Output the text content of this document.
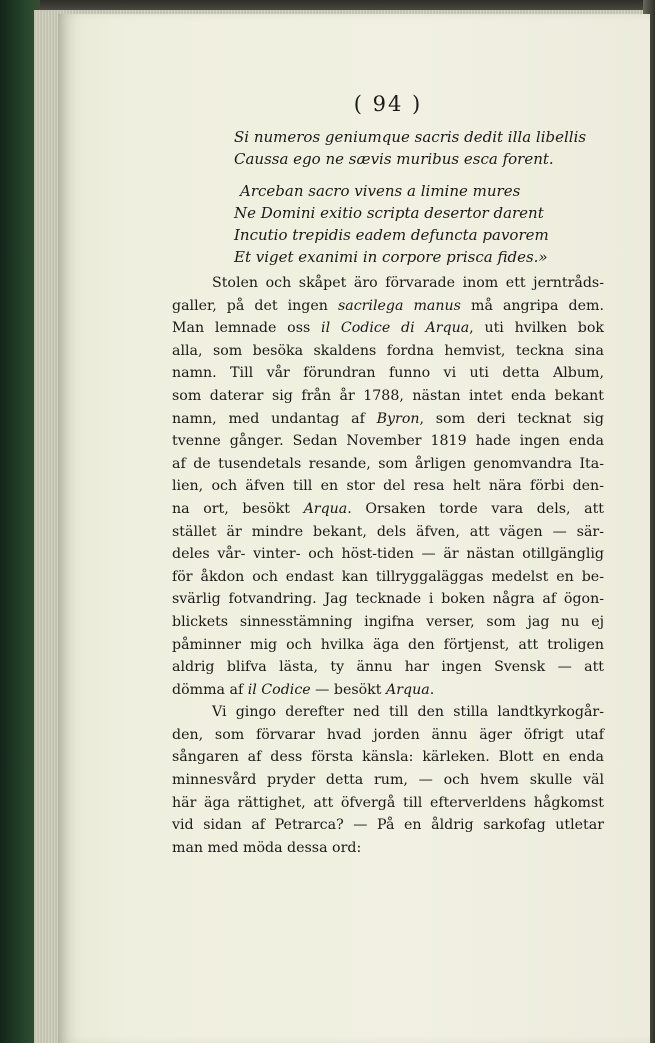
( 94 )
Si numeros geniumque sacris dedit illa libellis
Caussa ego ne sævis muribus esca forent.
Arceban sacro vivens a limine mures
Ne Domini exitio scripta desertor darent
Incutio trepidis eadem defuncta pavorem
Et viget exanimi in corpore prisca fides.»
Stolen och skåpet äro förvarade inom ett jerntråds-
galler, på det ingen sacrilega manus må angripa dem.
Man lemnade oss il Codice di Arqua, uti hvilken bok
alla, som besöka skaldens fordna hemvist, teckna sina
namn. Till vår förundran funno vi uti detta Album,
som daterar sig från år 1788, nästan intet enda bekant
namn, med undantag af Byron, som deri tecknat sig
tvenne gånger. Sedan November 1819 hade ingen enda
af de tusendetals resande, som årligen genomvandra Ita-
lien, och äfven till en stor del resa helt nära förbi den-
na ort, besökt Arqua. Orsaken torde vara dels, att
stället är mindre bekant, dels äfven, att vägen — sär-
deles vår- vinter- och höst-tiden — är nästan otillgänglig
för åkdon och endast kan tillryggaläggas medelst en be-
svärlig fotvandring. Jag tecknade i boken några af ögon-
blickets sinnesstämning ingifna verser, som jag nu ej
påminner mig och hvilka äga den förtjenst, att troligen
aldrig blifva lästa, ty ännu har ingen Svensk — att
dömma af il Codice — besökt Arqua.
Vi gingo derefter ned till den stilla landtkyrkogår-
den, som förvarar hvad jorden ännu äger öfrigt utaf
sångaren af dess första känsla: kärleken. Blott en enda
minnesvård pryder detta rum, — och hvem skulle väl
här äga rättighet, att öfvergå till efterverldens hågkomst
vid sidan af Petrarca? — På en åldrig sarkofag utletar
man med möda dessa ord:
